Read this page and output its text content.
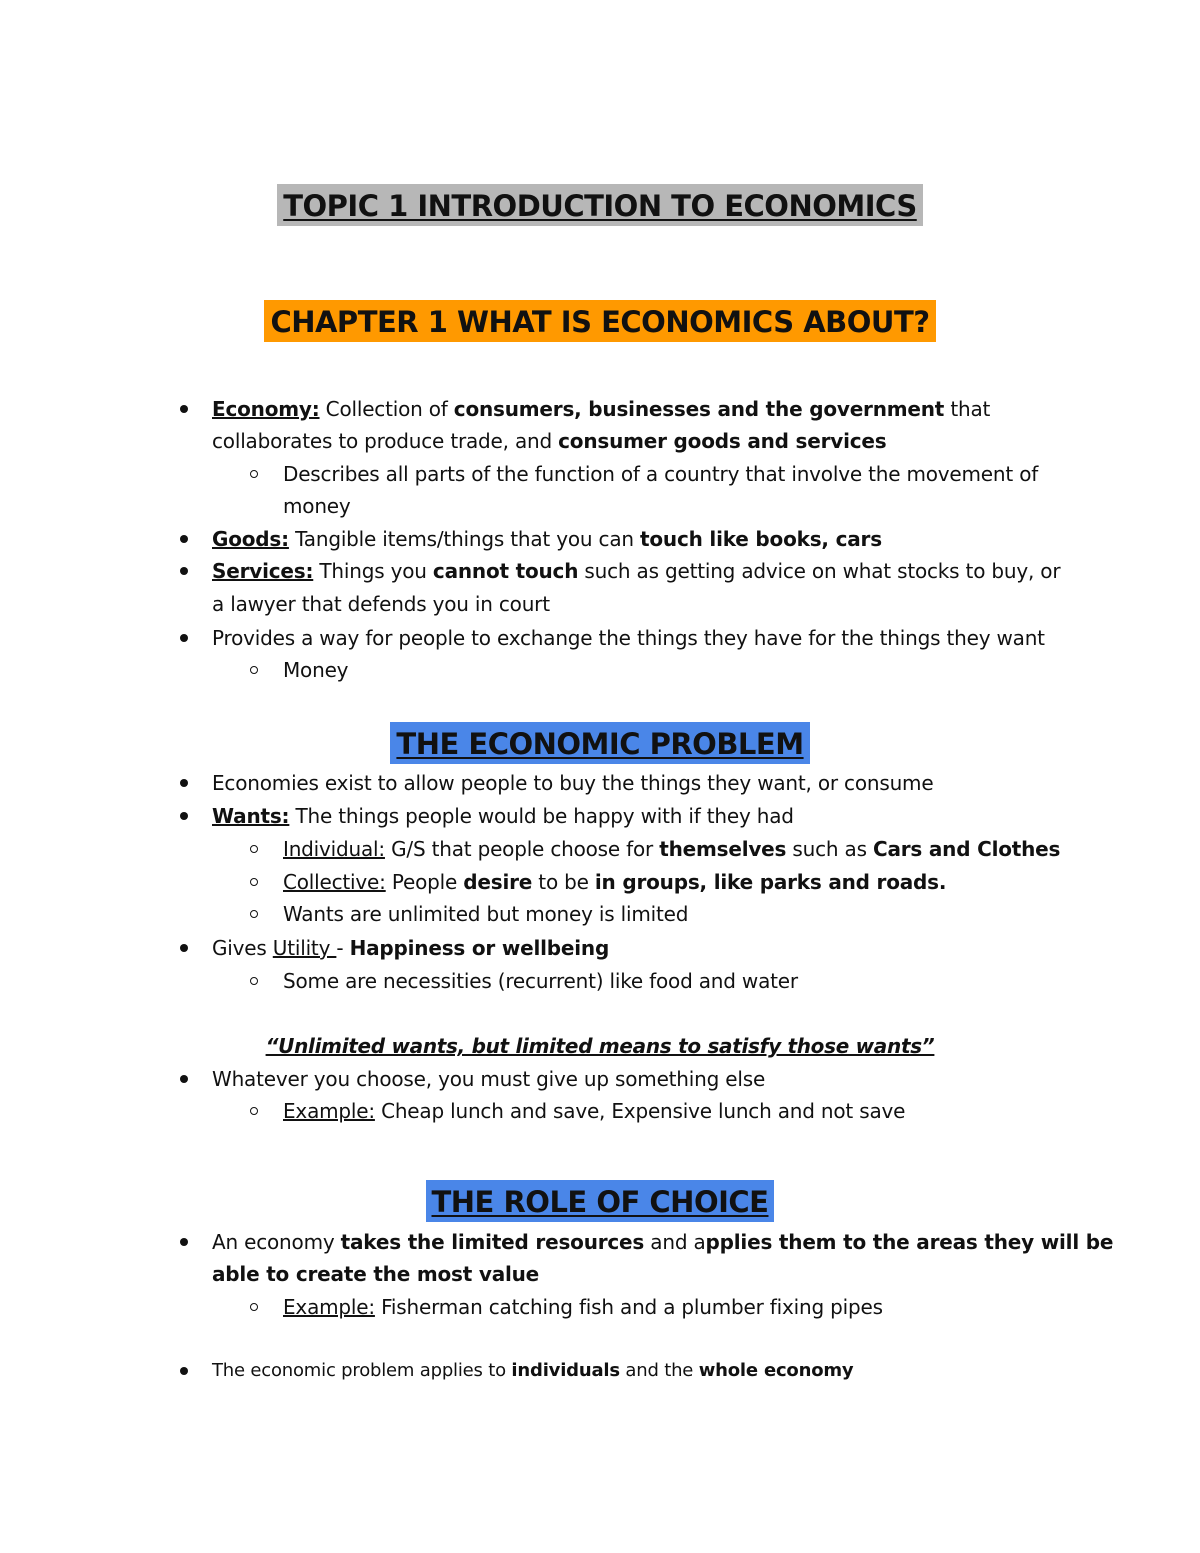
TOPIC 1 INTRODUCTION TO ECONOMICS
CHAPTER 1 WHAT IS ECONOMICS ABOUT?
Economy: Collection of consumers, businesses and the government that
collaborates to produce trade, and consumer goods and services
Describes all parts of the function of a country that involve the movement of
money
Goods: Tangible items/things that you can touch like books, cars
Services: Things you cannot touch such as getting advice on what stocks to buy, or
a lawyer that defends you in court
Provides a way for people to exchange the things they have for the things they want
Money
THE ECONOMIC PROBLEM
Economies exist to allow people to buy the things they want, or consume
Wants: The things people would be happy with if they had
Individual: G/S that people choose for themselves such as Cars and Clothes
Collective: People desire to be in groups, like parks and roads.
Wants are unlimited but money is limited
Gives Utility - Happiness or wellbeing
Some are necessities (recurrent) like food and water
“Unlimited wants, but limited means to satisfy those wants”
Whatever you choose, you must give up something else
Example: Cheap lunch and save, Expensive lunch and not save
THE ROLE OF CHOICE
An economy takes the limited resources and applies them to the areas they will be
able to create the most value
Example: Fisherman catching fish and a plumber fixing pipes
The economic problem applies to individuals and the whole economy
